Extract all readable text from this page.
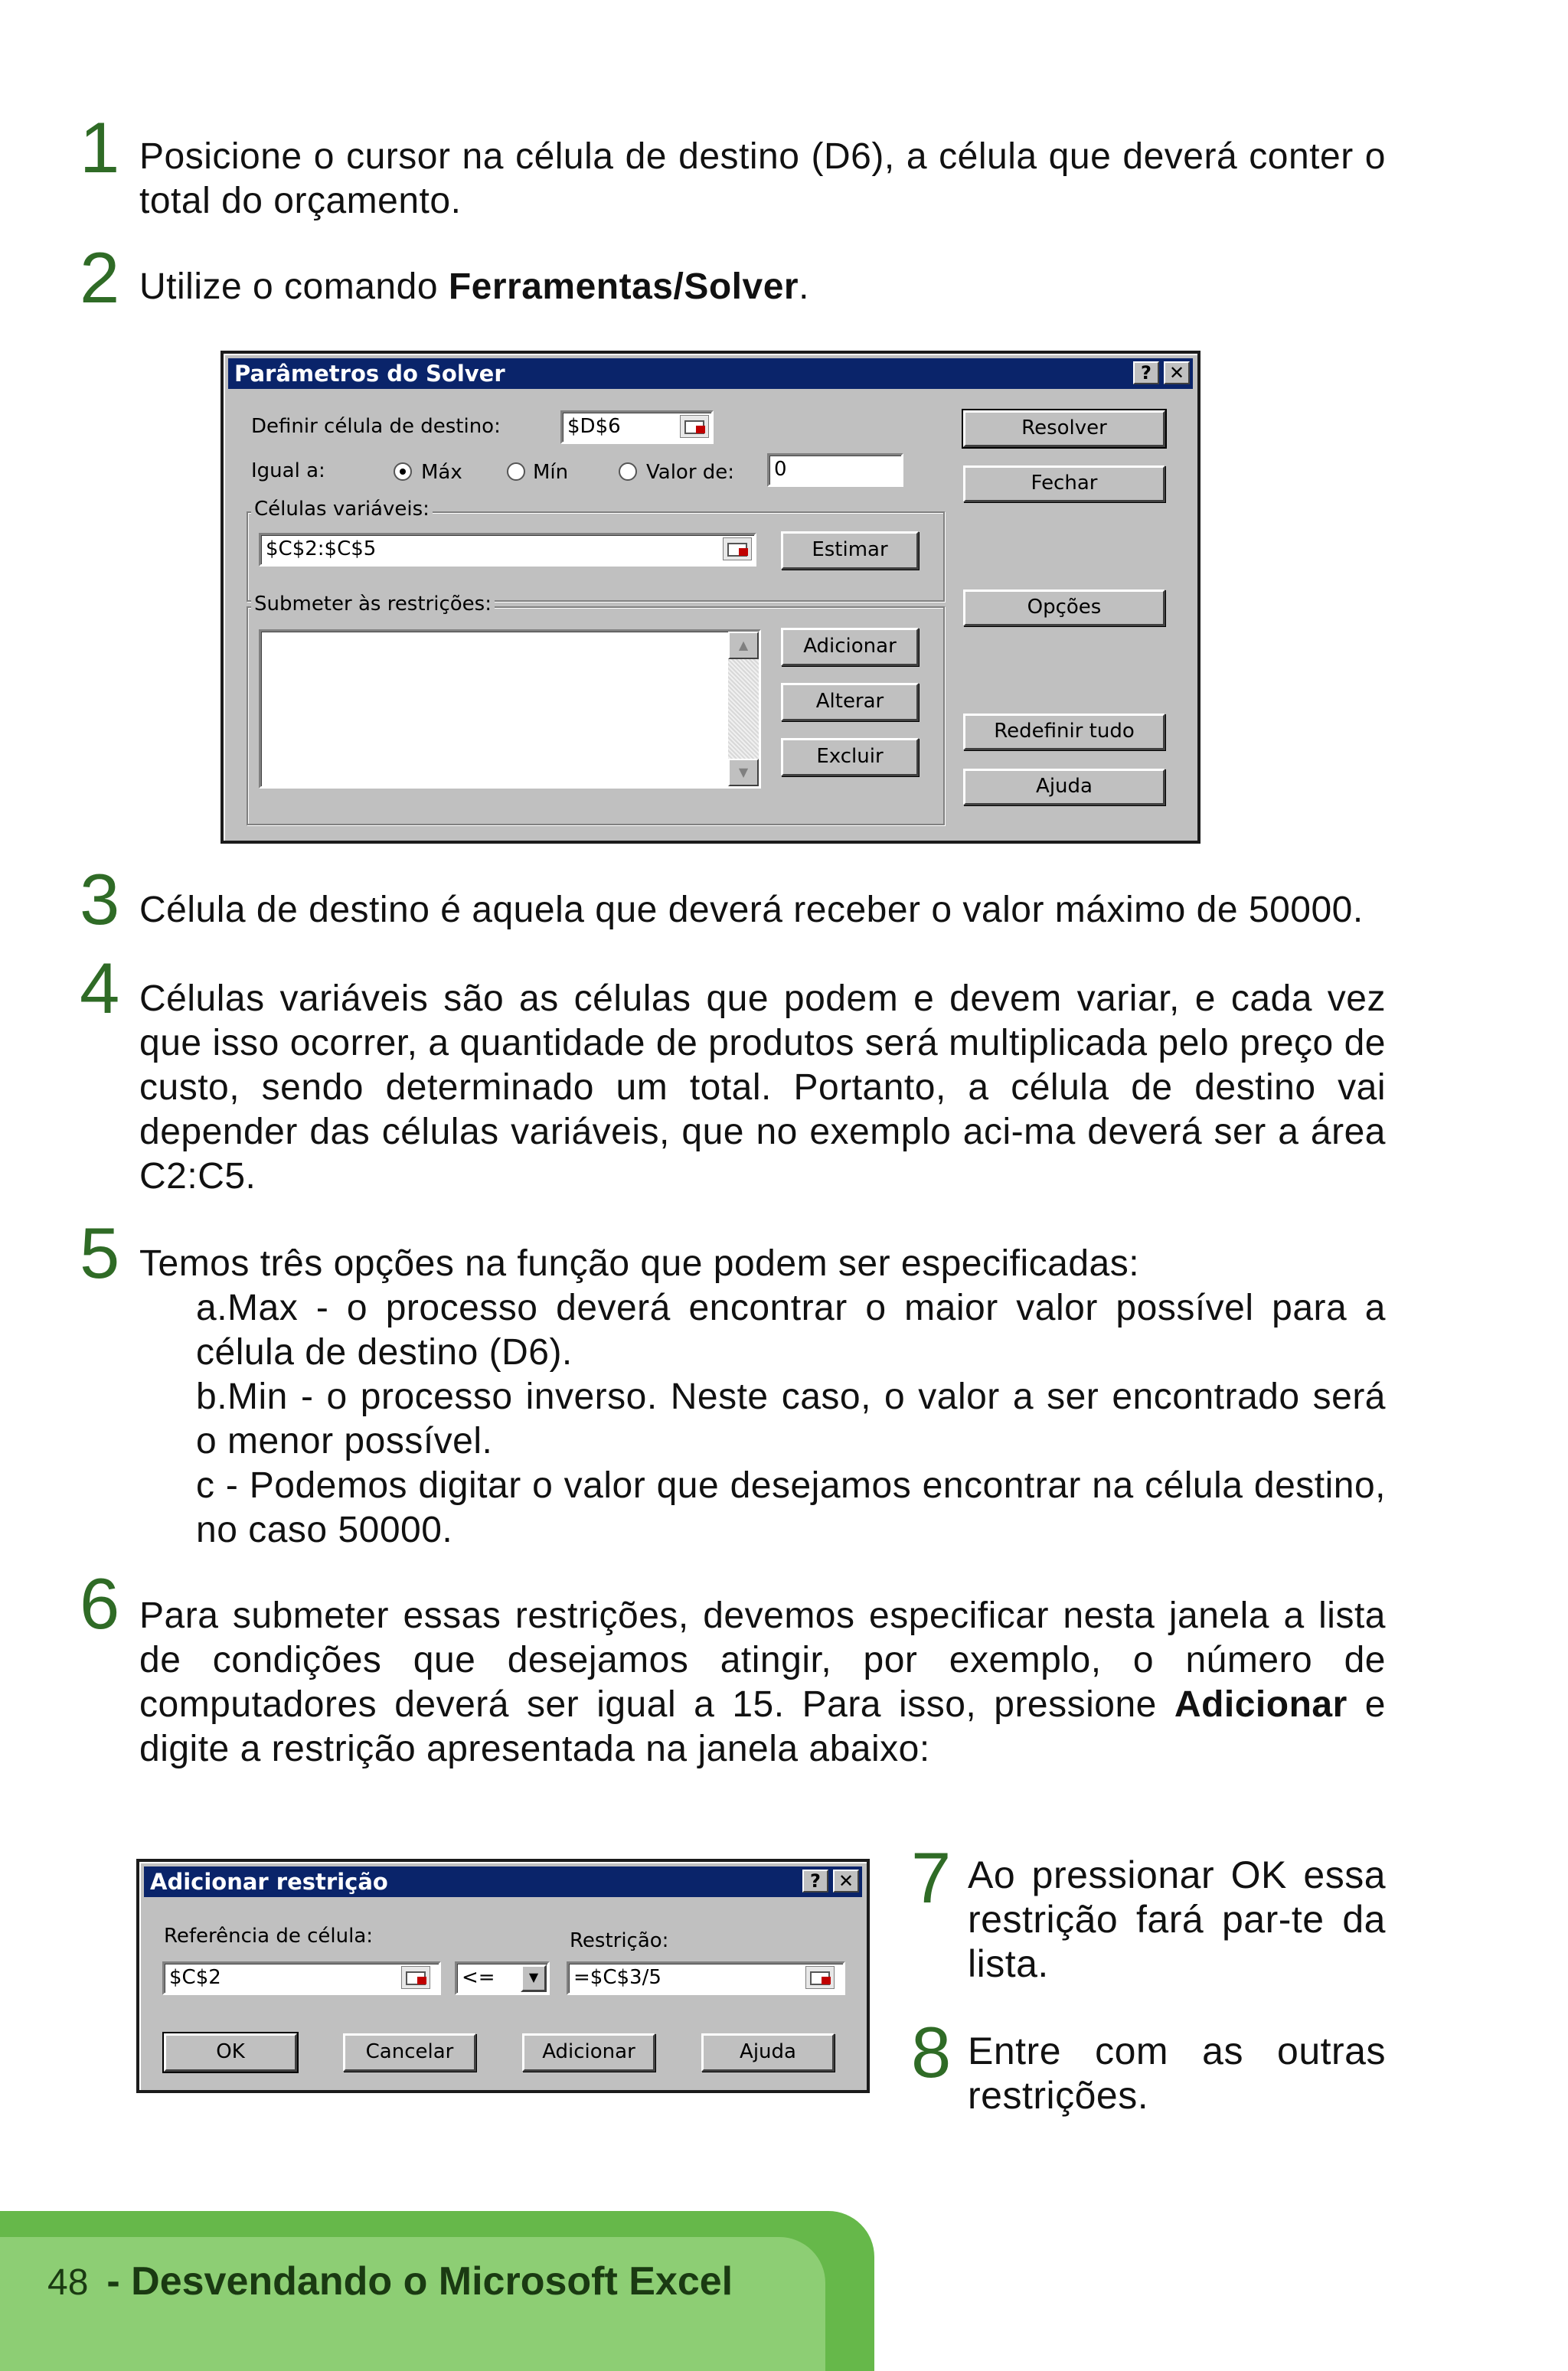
1 Posicione o cursor na célula de destino (D6), a célula que deverá conter o total do orçamento.
2 Utilize o comando Ferramentas/Solver.
Parâmetros do Solver	? ✕
Definir célula de destino:	$D$6
Igual a:	Máx	Mín	Valor de:	0
Células variáveis:
$C$2:$C$5	Estimar
Submeter às restrições:
▲
▼
Adicionar
Alterar
Excluir
Resolver
Fechar
Opções
Redefinir tudo
Ajuda
3 Célula de destino é aquela que deverá receber o valor máximo de 50000.
4 Células variáveis são as células que podem e devem variar, e cada vez que isso ocorrer, a quantidade de produtos será multiplicada pelo preço de custo, sendo determinado um total. Portanto, a célula de destino vai depender das células variáveis, que no exemplo aci-ma deverá ser a área C2:C5.
5 Temos três opções na função que podem ser especificadas:
a.Max - o processo deverá encontrar o maior valor possível para a célula de destino (D6).
b.Min - o processo inverso. Neste caso, o valor a ser encontrado será o menor possível.
c - Podemos digitar o valor que desejamos encontrar na célula destino, no caso 50000.
6 Para submeter essas restrições, devemos especificar nesta janela a lista de condições que desejamos atingir, por exemplo, o número de computadores deverá ser igual a 15. Para isso, pressione Adicionar e digite a restrição apresentada na janela abaixo:
Adicionar restrição	? ✕
Referência de célula:
$C$2	<=	▼
Restrição:
=$C$3/5
OK	Cancelar	Adicionar	Ajuda
7 Ao pressionar OK essa restrição fará par-te da lista.
8 Entre com as outras restrições.
48 - Desvendando o Microsoft Excel
